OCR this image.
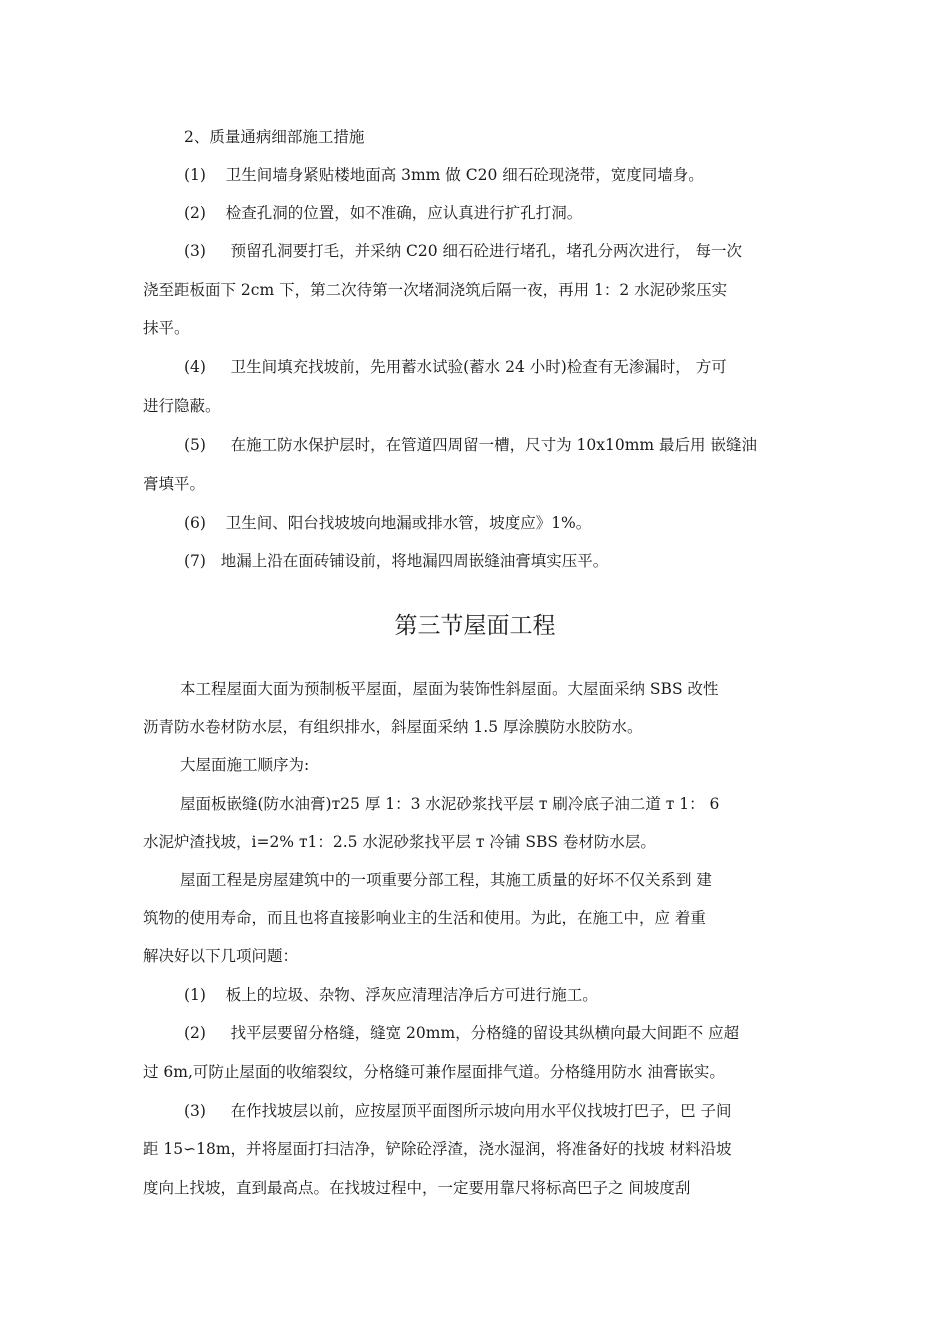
2、质量通病细部施工措施
(1) 卫生间墙身紧贴楼地面高 3mm 做 C20 细石砼现浇带，宽度同墙身。
(2) 检查孔洞的位置，如不准确，应认真进行扩孔打洞。
(3) 预留孔洞要打毛，并采纳 C20 细石砼进行堵孔，堵孔分两次进行， 每一次
浇至距板面下 2cm 下，第二次待第一次堵洞浇筑后隔一夜，再用 1：2 水泥砂浆压实
抹平。
(4) 卫生间填充找坡前，先用蓄水试验(蓄水 24 小时)检查有无渗漏时， 方可
进行隐蔽。
(5) 在施工防水保护层时，在管道四周留一槽，尺寸为 10x10mm 最后用 嵌缝油
膏填平。
(6) 卫生间、阳台找坡坡向地漏或排水管，坡度应》1%。
(7) 地漏上沿在面砖铺设前，将地漏四周嵌缝油膏填实压平。
第三节屋面工程
本工程屋面大面为预制板平屋面，屋面为装饰性斜屋面。大屋面采纳 SBS 改性
沥青防水卷材防水层，有组织排水，斜屋面采纳 1.5 厚涂膜防水胶防水。
大屋面施工顺序为:
屋面板嵌缝(防水油膏)т25 厚 1：3 水泥砂浆找平层 т 刷冷底子油二道 т 1： 6
水泥炉渣找坡，i=2% т1：2.5 水泥砂浆找平层 т 冷铺 SBS 卷材防水层。
屋面工程是房屋建筑中的一项重要分部工程，其施工质量的好坏不仅关系到 建
筑物的使用寿命，而且也将直接影响业主的生活和使用。为此，在施工中，应 着重
解决好以下几项问题：
(1) 板上的垃圾、杂物、浮灰应清理洁净后方可进行施工。
(2) 找平层要留分格缝，缝宽 20mm，分格缝的留设其纵横向最大间距不 应超
过 6m,可防止屋面的收缩裂纹，分格缝可兼作屋面排气道。分格缝用防水 油膏嵌实。
(3) 在作找坡层以前，应按屋顶平面图所示坡向用水平仪找坡打巴子，巴 子间
距 15∽18m，并将屋面打扫洁净，铲除砼浮渣，浇水湿润，将准备好的找坡 材料沿坡
度向上找坡，直到最高点。在找坡过程中，一定要用靠尺将标高巴子之 间坡度刮
